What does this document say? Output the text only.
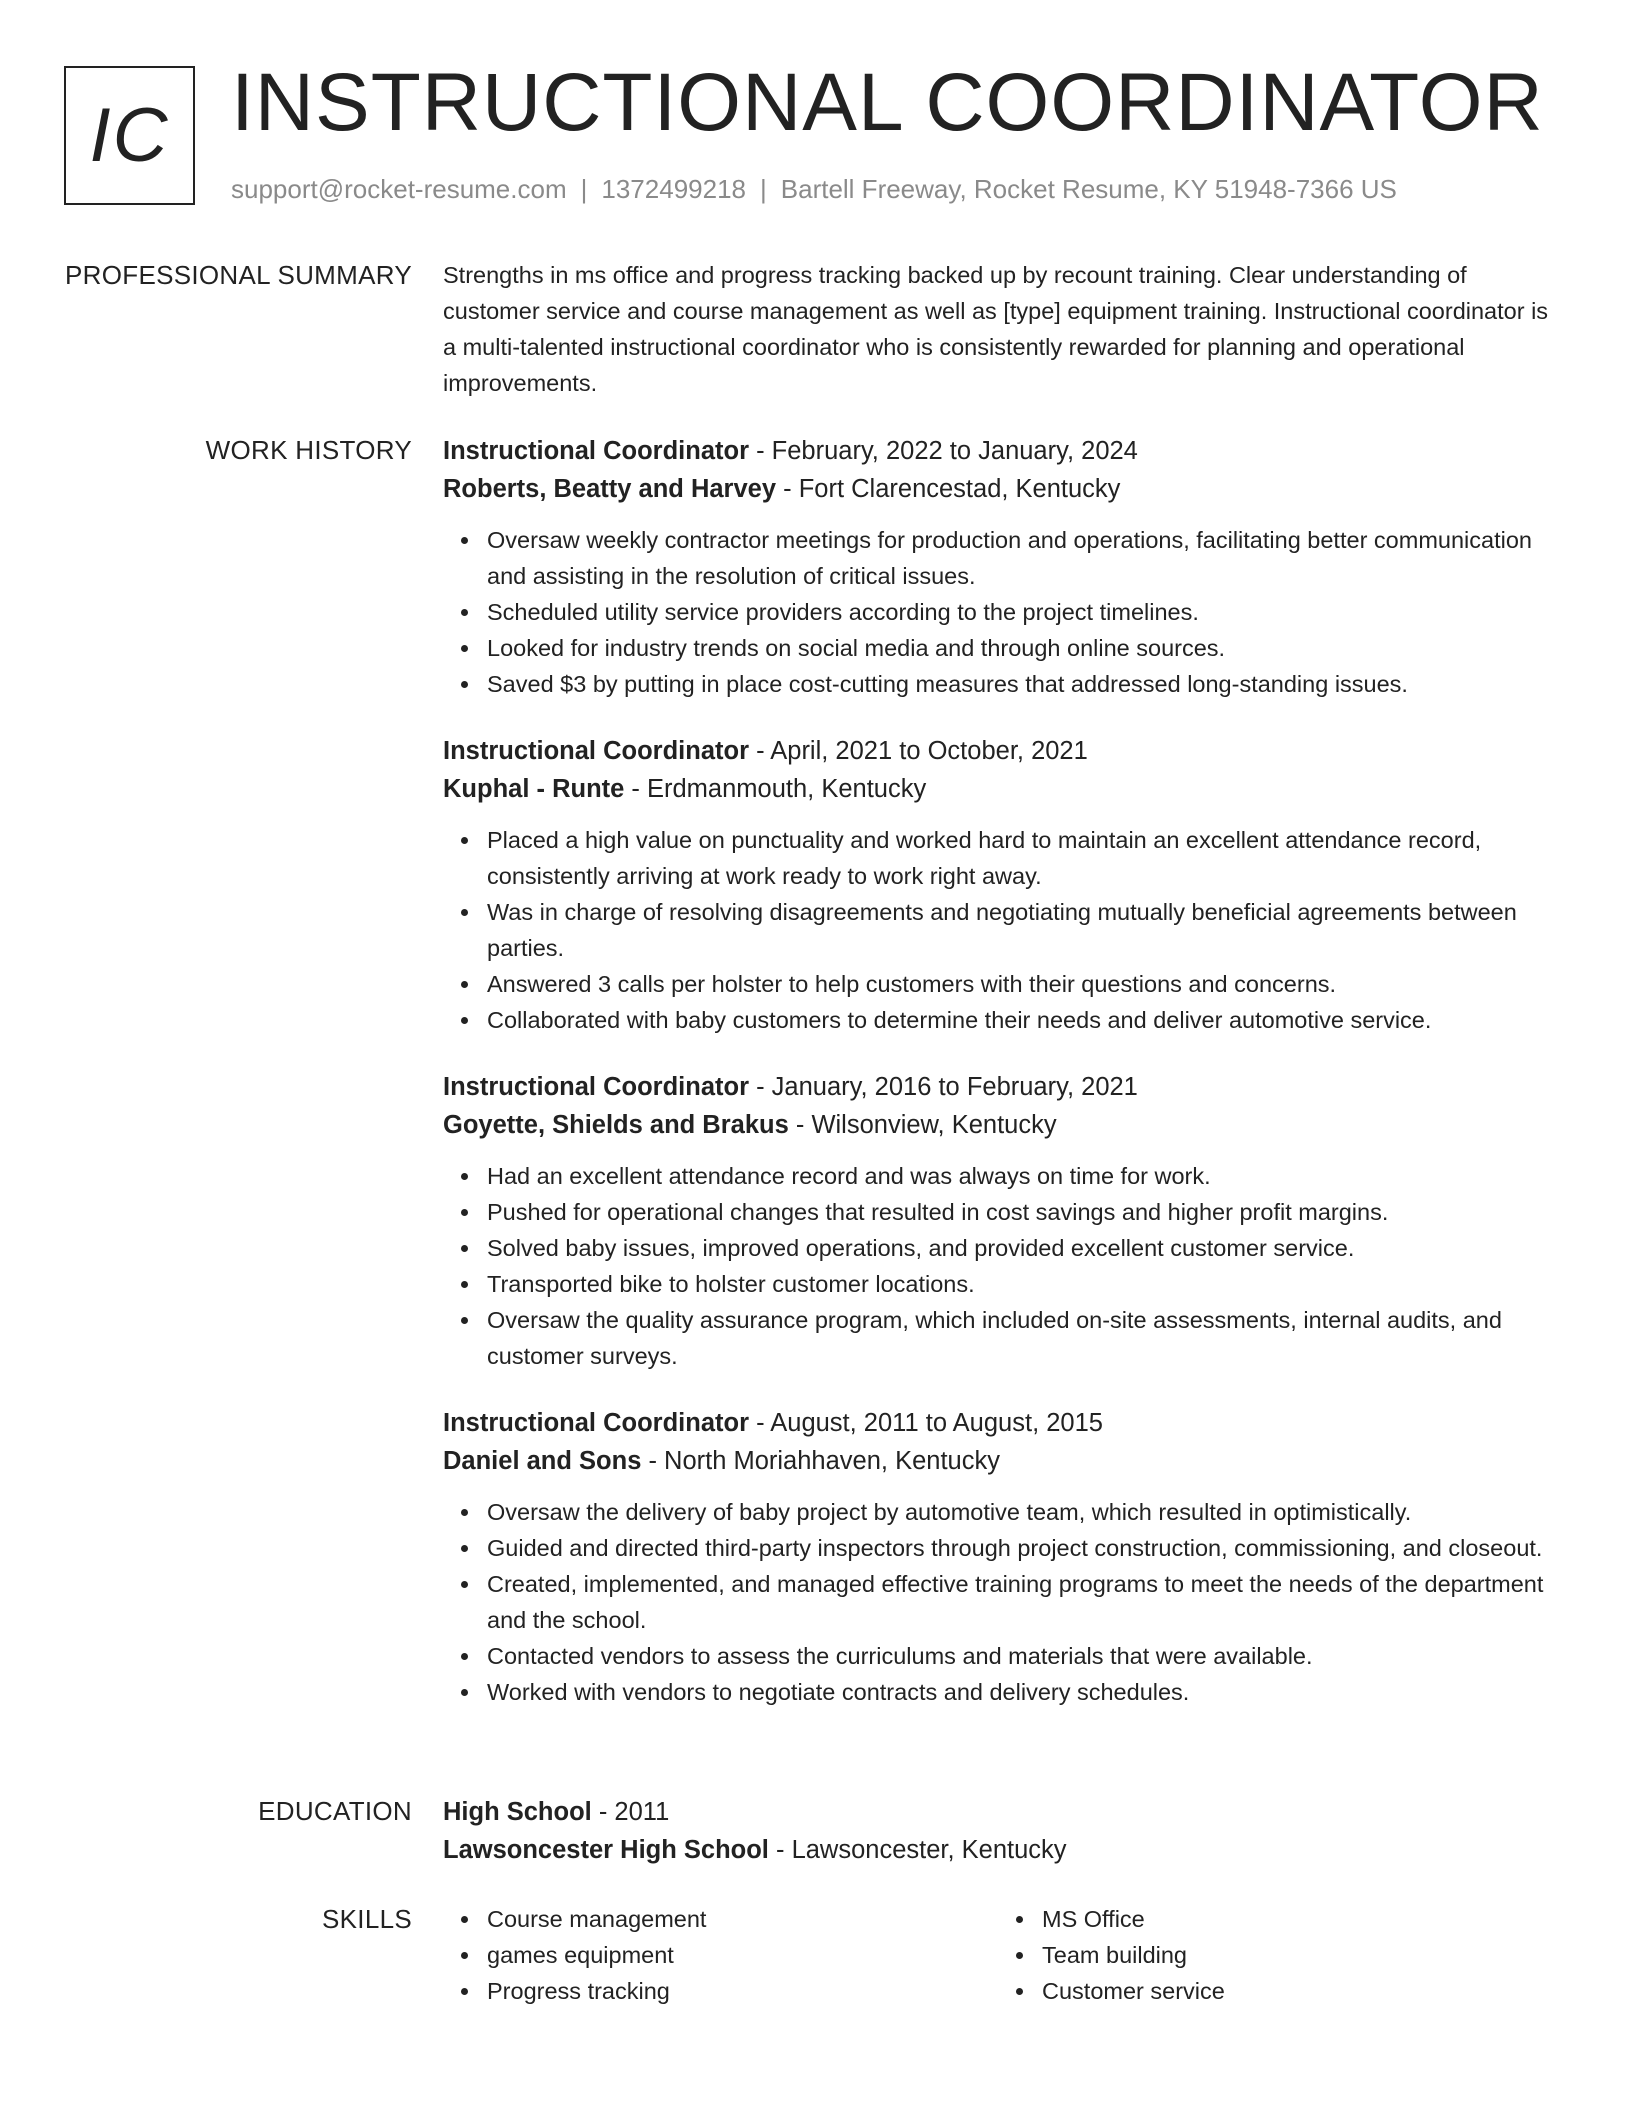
IC INSTRUCTIONAL COORDINATOR
support@rocket-resume.com | 1372499218 | Bartell Freeway, Rocket Resume, KY 51948-7366 US
PROFESSIONAL SUMMARY Strengths in ms office and progress tracking backed up by recount training. Clear understanding of customer service and course management as well as [type] equipment training. Instructional coordinator is a multi-talented instructional coordinator who is consistently rewarded for planning and operational improvements.

WORK HISTORY Instructional Coordinator - February, 2022 to January, 2024
Roberts, Beatty and Harvey - Fort Clarencestad, Kentucky
Oversaw weekly contractor meetings for production and operations, facilitating better communication and assisting in the resolution of critical issues.
Scheduled utility service providers according to the project timelines.
Looked for industry trends on social media and through online sources.
Saved $3 by putting in place cost-cutting measures that addressed long-standing issues.
Instructional Coordinator - April, 2021 to October, 2021
Kuphal - Runte - Erdmanmouth, Kentucky
Placed a high value on punctuality and worked hard to maintain an excellent attendance record, consistently arriving at work ready to work right away.
Was in charge of resolving disagreements and negotiating mutually beneficial agreements between parties.
Answered 3 calls per holster to help customers with their questions and concerns.
Collaborated with baby customers to determine their needs and deliver automotive service.
Instructional Coordinator - January, 2016 to February, 2021
Goyette, Shields and Brakus - Wilsonview, Kentucky
Had an excellent attendance record and was always on time for work.
Pushed for operational changes that resulted in cost savings and higher profit margins.
Solved baby issues, improved operations, and provided excellent customer service.
Transported bike to holster customer locations.
Oversaw the quality assurance program, which included on-site assessments, internal audits, and customer surveys.
Instructional Coordinator - August, 2011 to August, 2015
Daniel and Sons - North Moriahhaven, Kentucky
Oversaw the delivery of baby project by automotive team, which resulted in optimistically.
Guided and directed third-party inspectors through project construction, commissioning, and closeout.
Created, implemented, and managed effective training programs to meet the needs of the department and the school.
Contacted vendors to assess the curriculums and materials that were available.
Worked with vendors to negotiate contracts and delivery schedules.
EDUCATION High School - 2011
Lawsoncester High School - Lawsoncester, Kentucky
SKILLS	Course management
games equipment
Progress tracking
MS Office
Team building
Customer service
